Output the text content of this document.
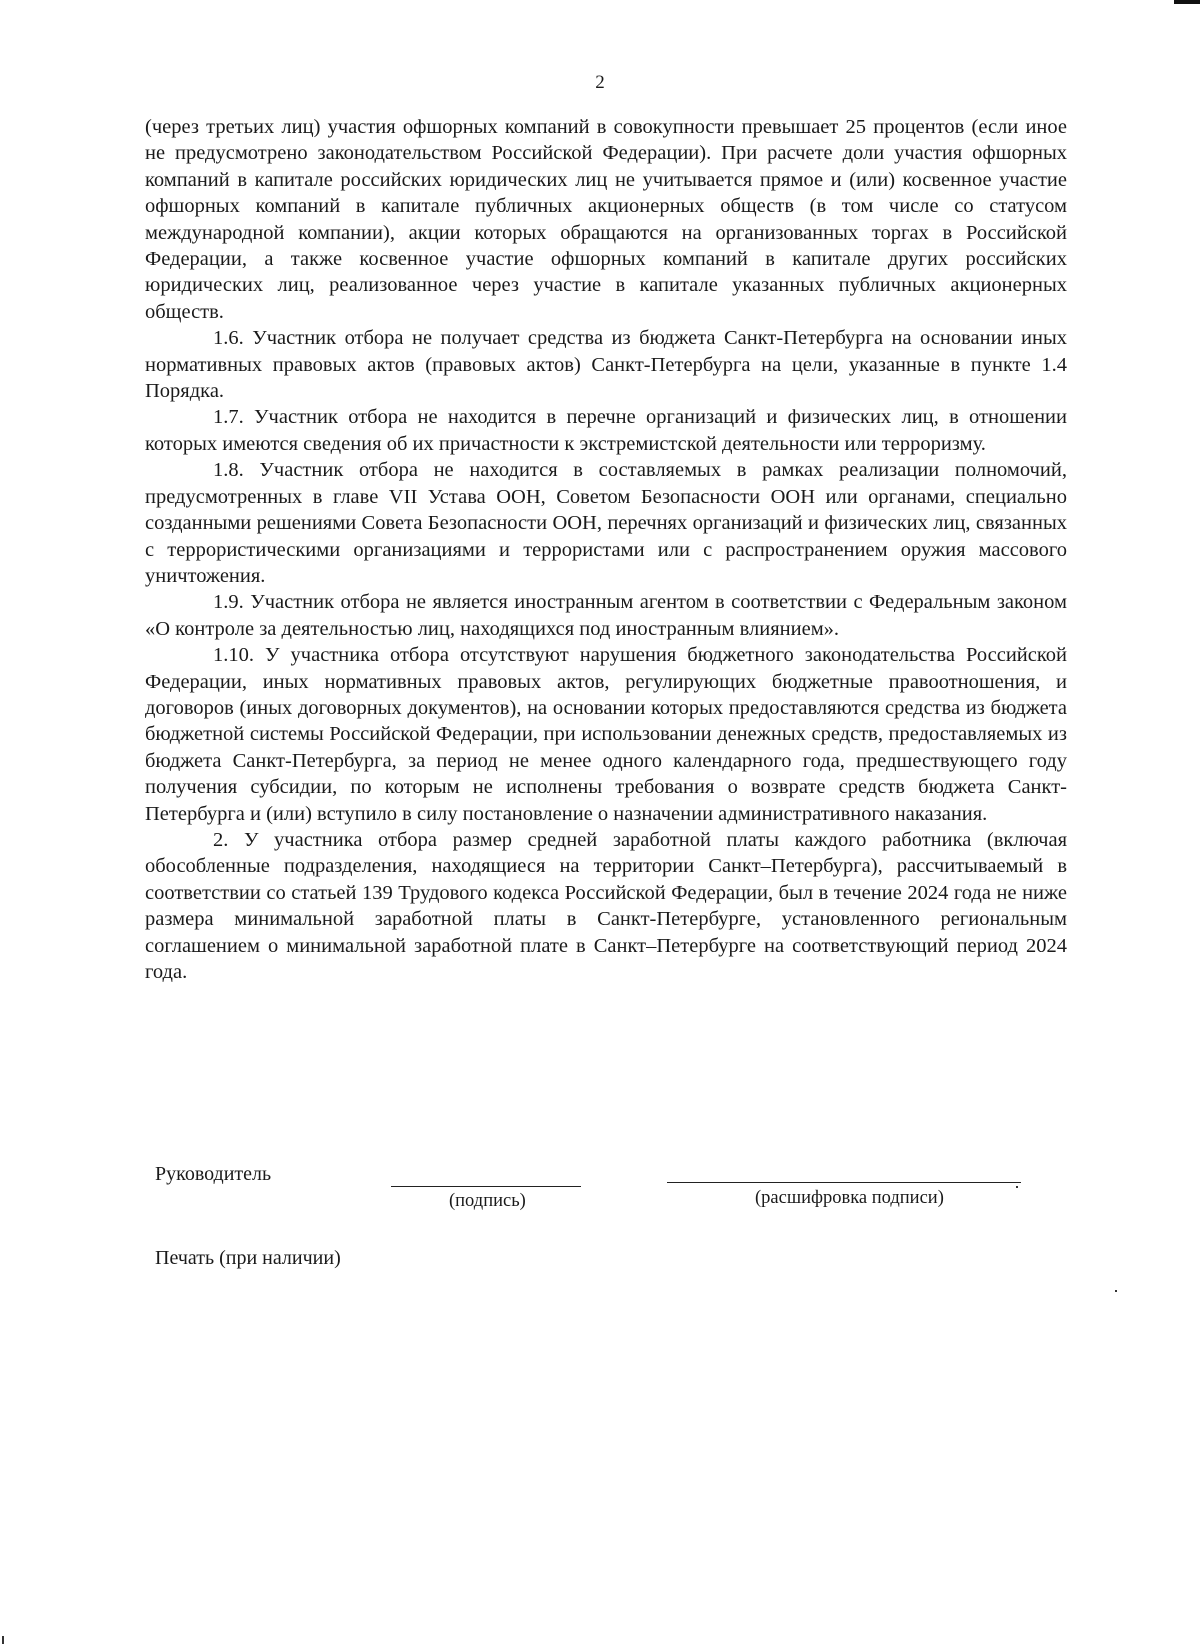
2

(через третьих лиц) участия офшорных компаний в совокупности превышает 25 процентов (если иное не предусмотрено законодательством Российской Федерации). При расчете доли участия офшорных компаний в капитале российских юридических лиц не учитывается прямое и (или) косвенное участие офшорных компаний в капитале публичных акционерных обществ (в том числе со статусом международной компании), акции которых обращаются на организованных торгах в Российской Федерации, а также косвенное участие офшорных компаний в капитале других российских юридических лиц, реализованное через участие в капитале указанных публичных акционерных обществ.

1.6. Участник отбора не получает средства из бюджета Санкт-Петербурга на основании иных нормативных правовых актов (правовых актов) Санкт-Петербурга на цели, указанные в пункте 1.4 Порядка.

1.7. Участник отбора не находится в перечне организаций и физических лиц, в отношении которых имеются сведения об их причастности к экстремистской деятельности или терроризму.

1.8. Участник отбора не находится в составляемых в рамках реализации полномочий, предусмотренных в главе VII Устава ООН, Советом Безопасности ООН или органами, специально созданными решениями Совета Безопасности ООН, перечнях организаций и физических лиц, связанных с террористическими организациями и террористами или с распространением оружия массового уничтожения.

1.9. Участник отбора не является иностранным агентом в соответствии с Федеральным законом «О контроле за деятельностью лиц, находящихся под иностранным влиянием».

1.10. У участника отбора отсутствуют нарушения бюджетного законодательства Российской Федерации, иных нормативных правовых актов, регулирующих бюджетные правоотношения, и договоров (иных договорных документов), на основании которых предоставляются средства из бюджета бюджетной системы Российской Федерации, при использовании денежных средств, предоставляемых из бюджета Санкт-Петербурга, за период не менее одного календарного года, предшествующего году получения субсидии, по которым не исполнены требования о возврате средств бюджета Санкт-Петербурга и (или) вступило в силу постановление о назначении административного наказания.

2. У участника отбора размер средней заработной платы каждого работника (включая обособленные подразделения, находящиеся на территории Санкт–Петербурга), рассчитываемый в соответствии со статьей 139 Трудового кодекса Российской Федерации, был в течение 2024 года не ниже размера минимальной заработной платы в Санкт-Петербурге, установленного региональным соглашением о минимальной заработной плате в Санкт–Петербурге на соответствующий период 2024 года.

Руководитель
(подпись)	(расшифровка подписи)
Печать (при наличии)
